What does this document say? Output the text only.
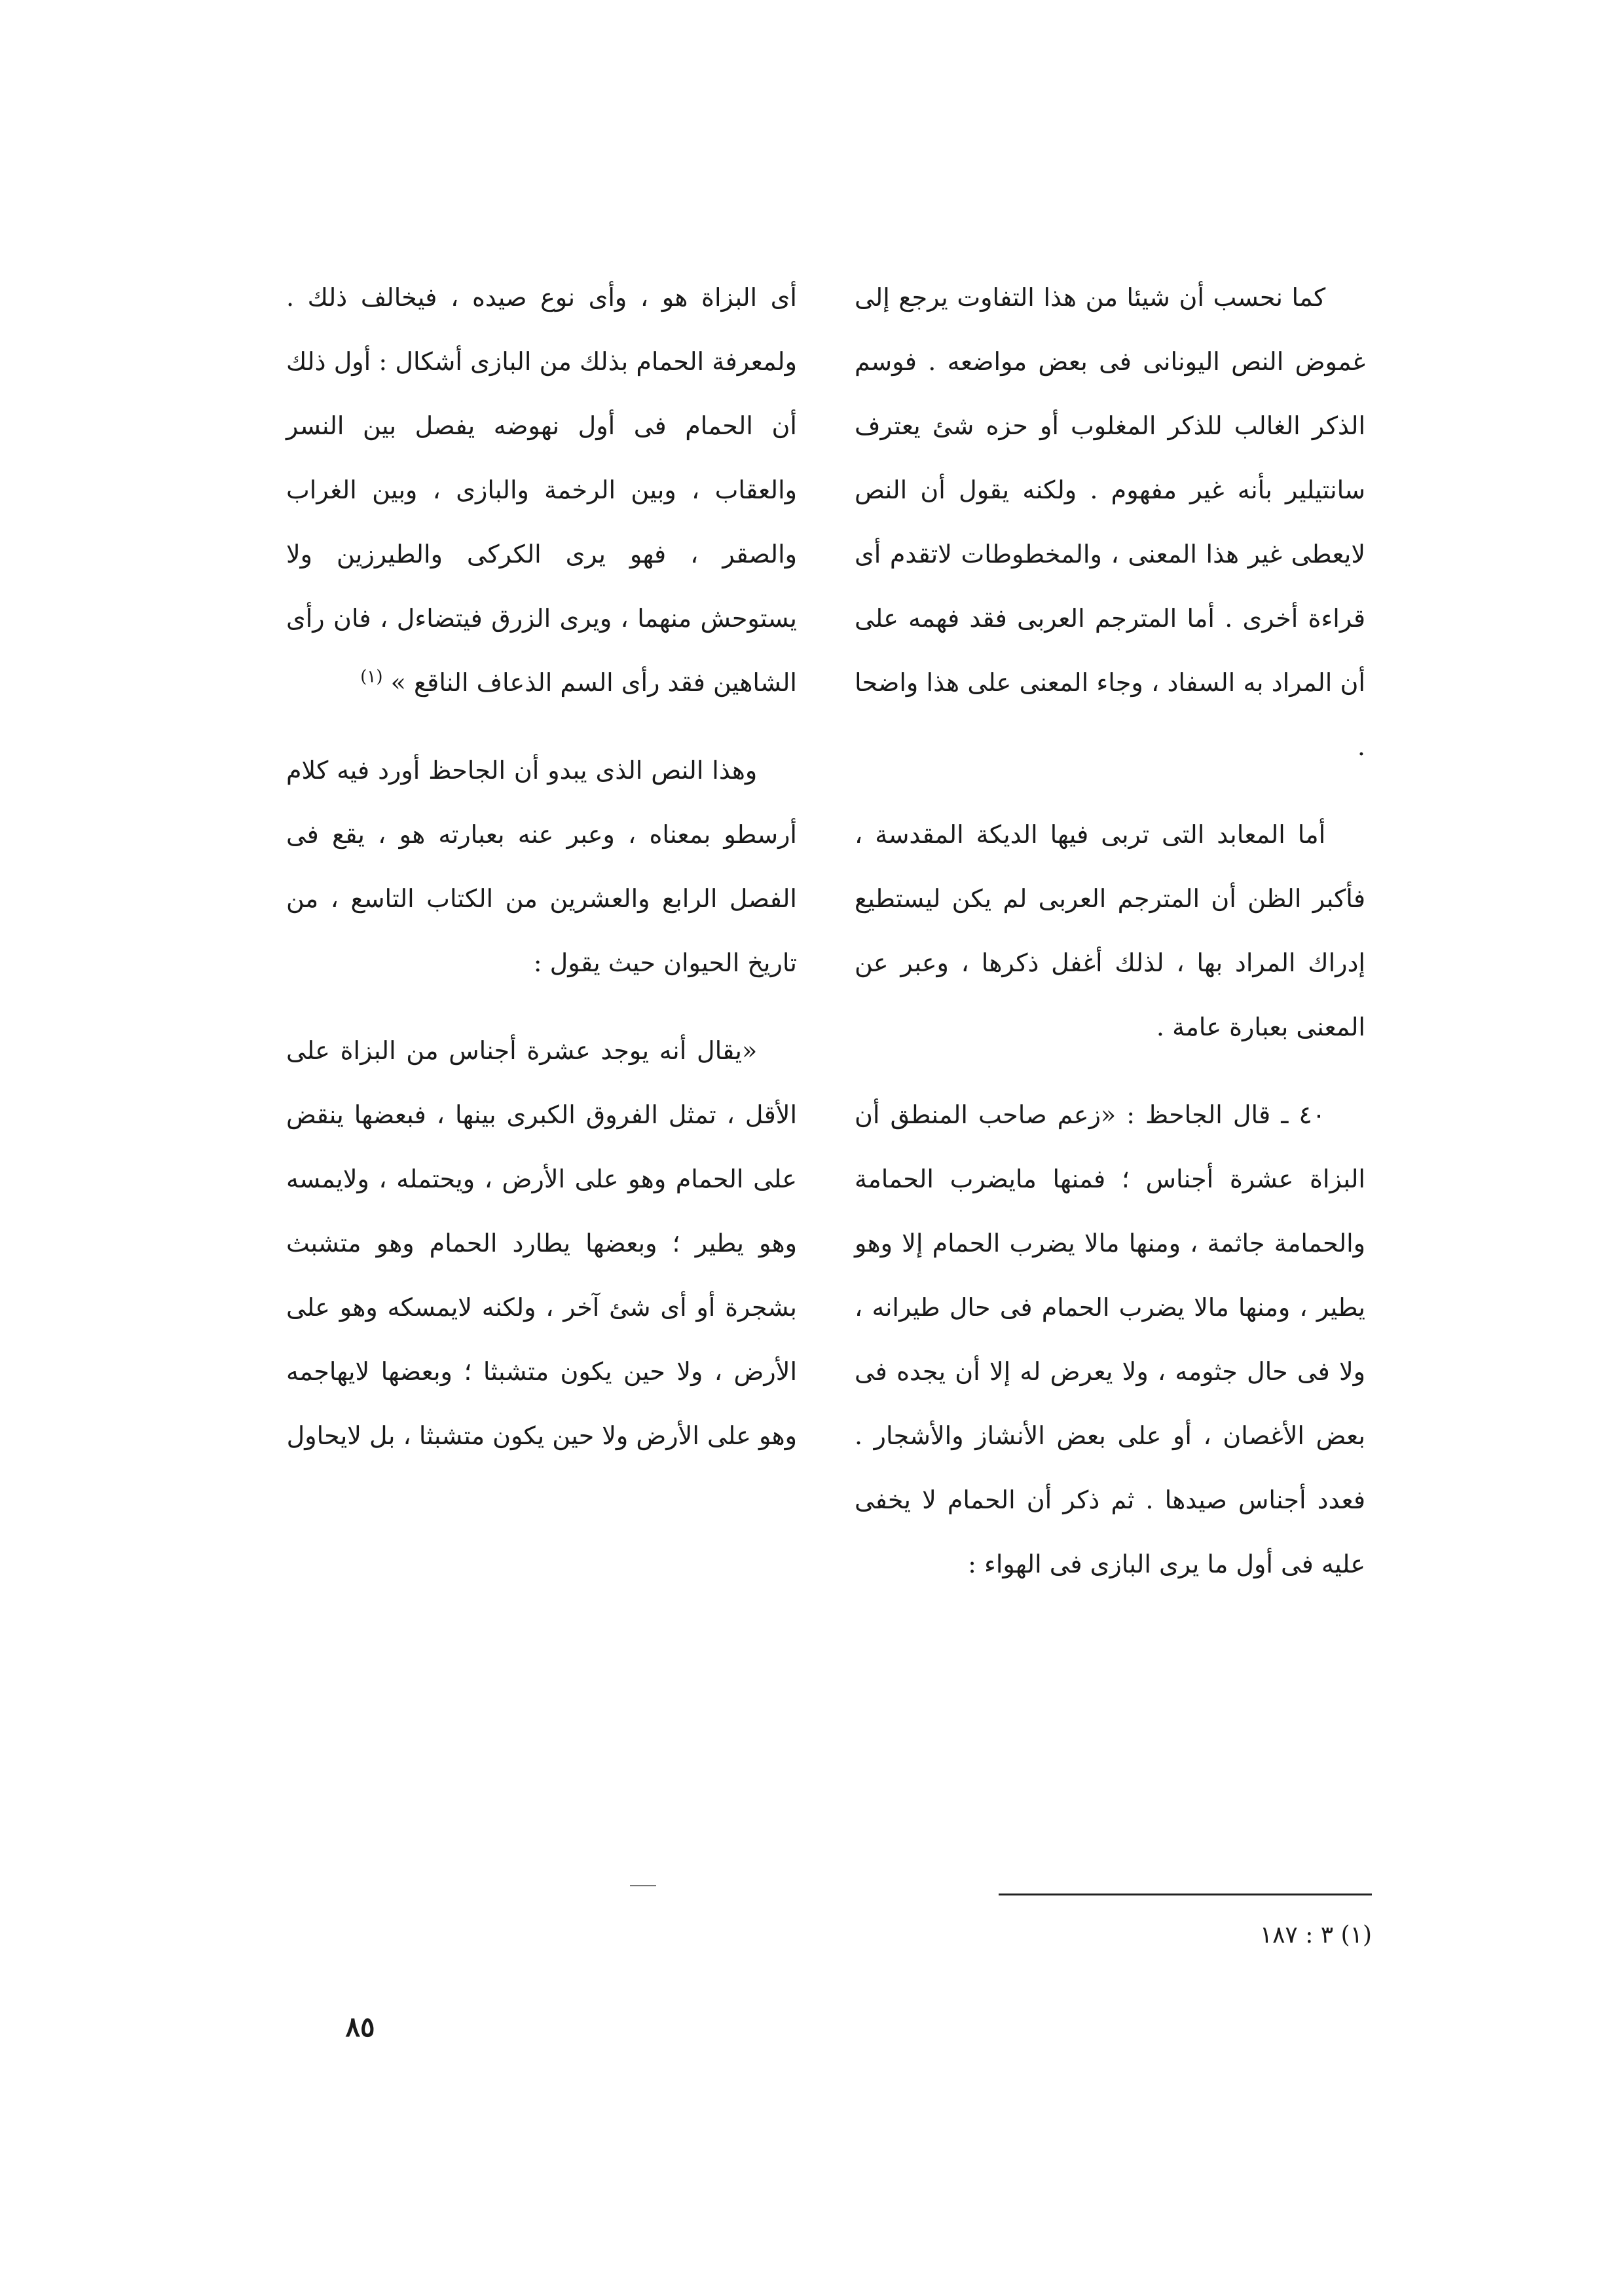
كما نحسب أن شيئا من هذا التفاوت يرجع إلى غموض النص اليونانى فى بعض مواضعه . فوسم الذكر الغالب للذكر المغلوب أو حزه شئ يعترف سانتيلير بأنه غير مفهوم . ولكنه يقول أن النص لايعطى غير هذا المعنى ، والمخطوطات لاتقدم أى قراءة أخرى . أما المترجم العربى فقد فهمه على أن المراد به السفاد ، وجاء المعنى على هذا واضحا .

أما المعابد التى تربى فيها الديكة المقدسة ، فأكبر الظن أن المترجم العربى لم يكن ليستطيع إدراك المراد بها ، لذلك أغفل ذكرها ، وعبر عن المعنى بعبارة عامة .

٤٠ ـ قال الجاحظ : «زعم صاحب المنطق أن البزاة عشرة أجناس ؛ فمنها مايضرب الحمامة والحمامة جاثمة ، ومنها مالا يضرب الحمام إلا وهو يطير ، ومنها مالا يضرب الحمام فى حال طيرانه ، ولا فى حال جثومه ، ولا يعرض له إلا أن يجده فى بعض الأغصان ، أو على بعض الأنشاز والأشجار . فعدد أجناس صيدها . ثم ذكر أن الحمام لا يخفى عليه فى أول ما يرى البازى فى الهواء :

أى البزاة هو ، وأى نوع صيده ، فيخالف ذلك . ولمعرفة الحمام بذلك من البازى أشكال : أول ذلك أن الحمام فى أول نهوضه يفصل بين النسر والعقاب ، وبين الرخمة والبازى ، وبين الغراب والصقر ، فهو يرى الكركى والطيرزين ولا يستوحش منهما ، ويرى الزرق فيتضاءل ، فان رأى الشاهين فقد رأى السم الذعاف الناقع » $^{(١)}$

وهذا النص الذى يبدو أن الجاحظ أورد فيه كلام أرسطو بمعناه ، وعبر عنه بعبارته هو ، يقع فى الفصل الرابع والعشرين من الكتاب التاسع ، من تاريخ الحيوان حيث يقول :

«يقال أنه يوجد عشرة أجناس من البزاة على الأقل ، تمثل الفروق الكبرى بينها ، فبعضها ينقض على الحمام وهو على الأرض ، ويحتمله ، ولايمسه وهو يطير ؛ وبعضها يطارد الحمام وهو متشبث بشجرة أو أى شئ آخر ، ولكنه لايمسكه وهو على الأرض ، ولا حين يكون متشبثا ؛ وبعضها لايهاجمه وهو على الأرض ولا حين يكون متشبثا ، بل لايحاول

(١) ٣ : ١٨٧
٨٥
